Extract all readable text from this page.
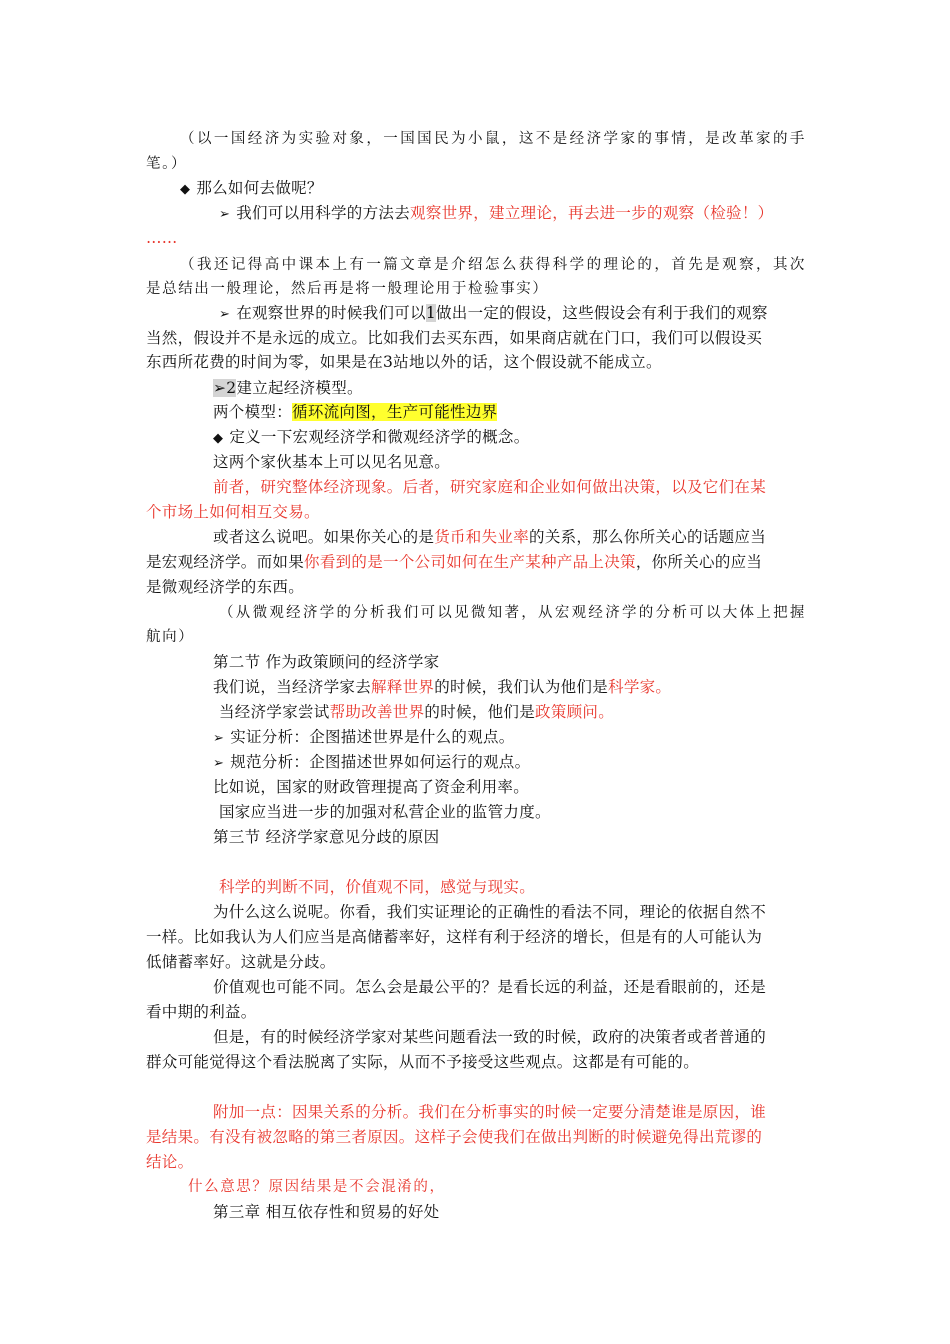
（以一国经济为实验对象，一国国民为小鼠，这不是经济学家的事情，是改革家的手
笔。）
◆ 那么如何去做呢？
➢ 我们可以用科学的方法去观察世界，建立理论，再去进一步的观察（检验！）
……
（我还记得高中课本上有一篇文章是介绍怎么获得科学的理论的，首先是观察，其次
是总结出一般理论，然后再是将一般理论用于检验事实）
➢ 在观察世界的时候我们可以1做出一定的假设，这些假设会有利于我们的观察
当然，假设并不是永远的成立。比如我们去买东西，如果商店就在门口，我们可以假设买
东西所花费的时间为零，如果是在3站地以外的话，这个假设就不能成立。
➢2建立起经济模型。
两个模型：循环流向图，生产可能性边界
◆ 定义一下宏观经济学和微观经济学的概念。
这两个家伙基本上可以见名见意。
前者，研究整体经济现象。后者，研究家庭和企业如何做出决策，以及它们在某
个市场上如何相互交易。
或者这么说吧。如果你关心的是货币和失业率的关系，那么你所关心的话题应当
是宏观经济学。而如果你看到的是一个公司如何在生产某种产品上决策，你所关心的应当
是微观经济学的东西。
（从微观经济学的分析我们可以见微知著，从宏观经济学的分析可以大体上把握
航向）
第二节 作为政策顾问的经济学家
我们说，当经济学家去解释世界的时候，我们认为他们是科学家。
当经济学家尝试帮助改善世界的时候，他们是政策顾问。
➢ 实证分析：企图描述世界是什么的观点。
➢ 规范分析：企图描述世界如何运行的观点。
比如说，国家的财政管理提高了资金利用率。
国家应当进一步的加强对私营企业的监管力度。
第三节 经济学家意见分歧的原因
科学的判断不同，价值观不同，感觉与现实。
为什么这么说呢。你看，我们实证理论的正确性的看法不同，理论的依据自然不
一样。比如我认为人们应当是高储蓄率好，这样有利于经济的增长，但是有的人可能认为
低储蓄率好。这就是分歧。
价值观也可能不同。怎么会是最公平的？是看长远的利益，还是看眼前的，还是
看中期的利益。
但是，有的时候经济学家对某些问题看法一致的时候，政府的决策者或者普通的
群众可能觉得这个看法脱离了实际，从而不予接受这些观点。这都是有可能的。
附加一点：因果关系的分析。我们在分析事实的时候一定要分清楚谁是原因，谁
是结果。有没有被忽略的第三者原因。这样子会使我们在做出判断的时候避免得出荒谬的
结论。
什么意思？原因结果是不会混淆的，
第三章 相互依存性和贸易的好处
